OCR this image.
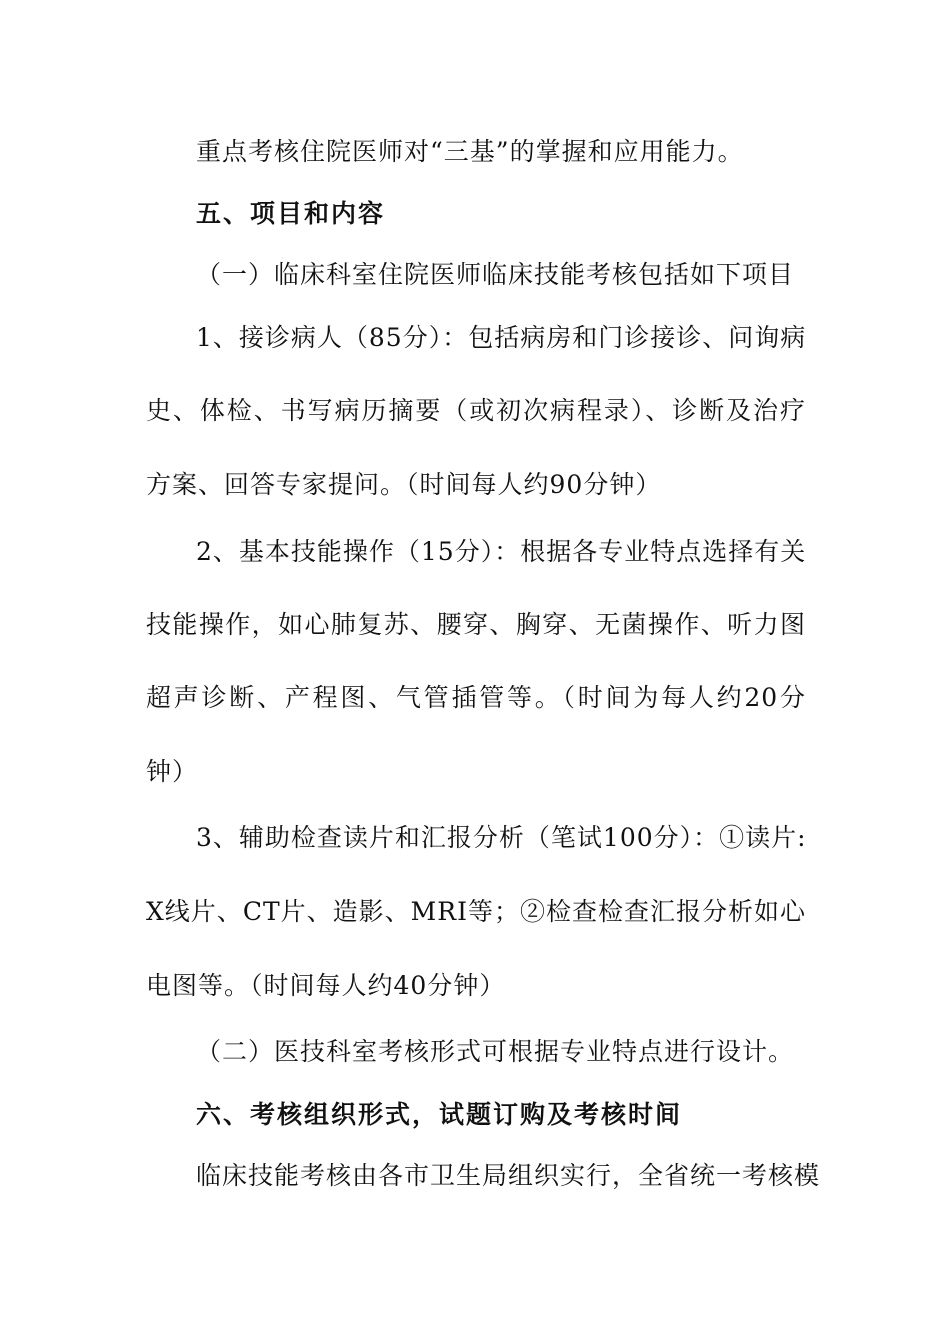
重点考核住院医师对“三基”的掌握和应用能力。
五、项目和内容
（一）临床科室住院医师临床技能考核包括如下项目
1、接诊病人（85分）：包括病房和门诊接诊、问询病
史、体检、书写病历摘要（或初次病程录）、诊断及治疗
方案、回答专家提问。（时间每人约90分钟）
2、基本技能操作（15分）：根据各专业特点选择有关
技能操作，如心肺复苏、腰穿、胸穿、无菌操作、听力图
超声诊断、产程图、气管插管等。（时间为每人约20分
钟）
3、辅助检查读片和汇报分析（笔试100分）：①读片:
X线片、CT片、造影、MRI等；②检查检查汇报分析如心
电图等。（时间每人约40分钟）
（二）医技科室考核形式可根据专业特点进行设计。
六、考核组织形式，试题订购及考核时间
临床技能考核由各市卫生局组织实行，全省统一考核模
